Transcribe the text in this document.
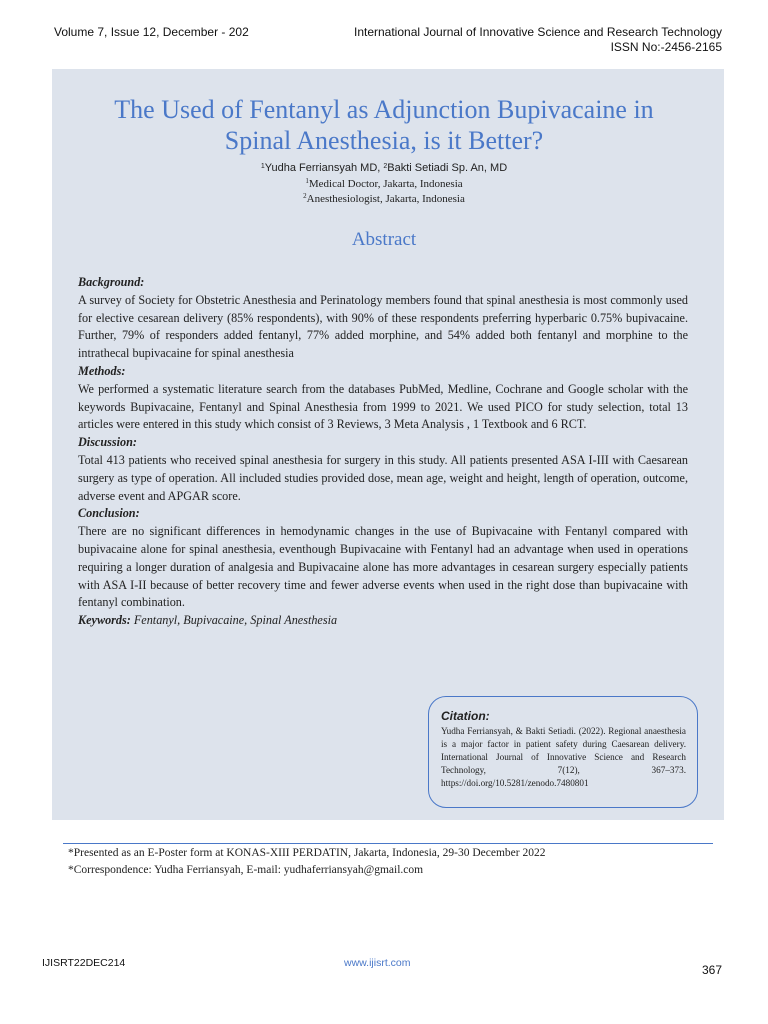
Volume 7, Issue 12, December - 202	International Journal of Innovative Science and Research Technology
ISSN No:-2456-2165
The Used of Fentanyl as Adjunction Bupivacaine in
Spinal Anesthesia, is it Better?
$^1$Yudha Ferriansyah MD, $^2$Bakti Setiadi Sp. An, MD
$^1$Medical Doctor, Jakarta, Indonesia
$^2$Anesthesiologist, Jakarta, Indonesia
Abstract

Background:

A survey of Society for Obstetric Anesthesia and Perinatology members found that spinal anesthesia is most commonly used for elective cesarean delivery (85% respondents), with 90% of these respondents preferring hyperbaric 0.75% bupivacaine. Further, 79% of responders added fentanyl, 77% added morphine, and 54% added both fentanyl and morphine to the intrathecal bupivacaine for spinal anesthesia

Methods:

We performed a systematic literature search from the databases PubMed, Medline, Cochrane and Google scholar with the keywords Bupivacaine, Fentanyl and Spinal Anesthesia from 1999 to 2021. We used PICO for study selection, total 13 articles were entered in this study which consist of 3 Reviews, 3 Meta Analysis , 1 Textbook and 6 RCT.

Discussion:

Total 413 patients who received spinal anesthesia for surgery in this study. All patients presented ASA I-III with Caesarean surgery as type of operation. All included studies provided dose, mean age, weight and height, length of operation, outcome, adverse event and APGAR score.

Conclusion:

There are no significant differences in hemodynamic changes in the use of Bupivacaine with Fentanyl compared with bupivacaine alone for spinal anesthesia, eventhough Bupivacaine with Fentanyl had an advantage when used in operations requiring a longer duration of analgesia and Bupivacaine alone has more advantages in cesarean surgery especially patients with ASA I-II because of better recovery time and fewer adverse events when used in the right dose than bupivacaine with fentanyl combination.

Keywords: Fentanyl, Bupivacaine, Spinal Anesthesia

Citation:

Yudha Ferriansyah, & Bakti Setiadi. (2022). Regional anaesthesia is a major factor in patient safety during Caesarean delivery. International Journal of Innovative Science and Research Technology, 7(12), 367–373. https://doi.org/10.5281/zenodo.7480801

*Presented as an E-Poster form at KONAS-XIII PERDATIN, Jakarta, Indonesia, 29-30 December 2022
*Correspondence: Yudha Ferriansyah, E-mail: yudhaferriansyah@gmail.com
IJISRT22DEC214	www.ijisrt.com	367
